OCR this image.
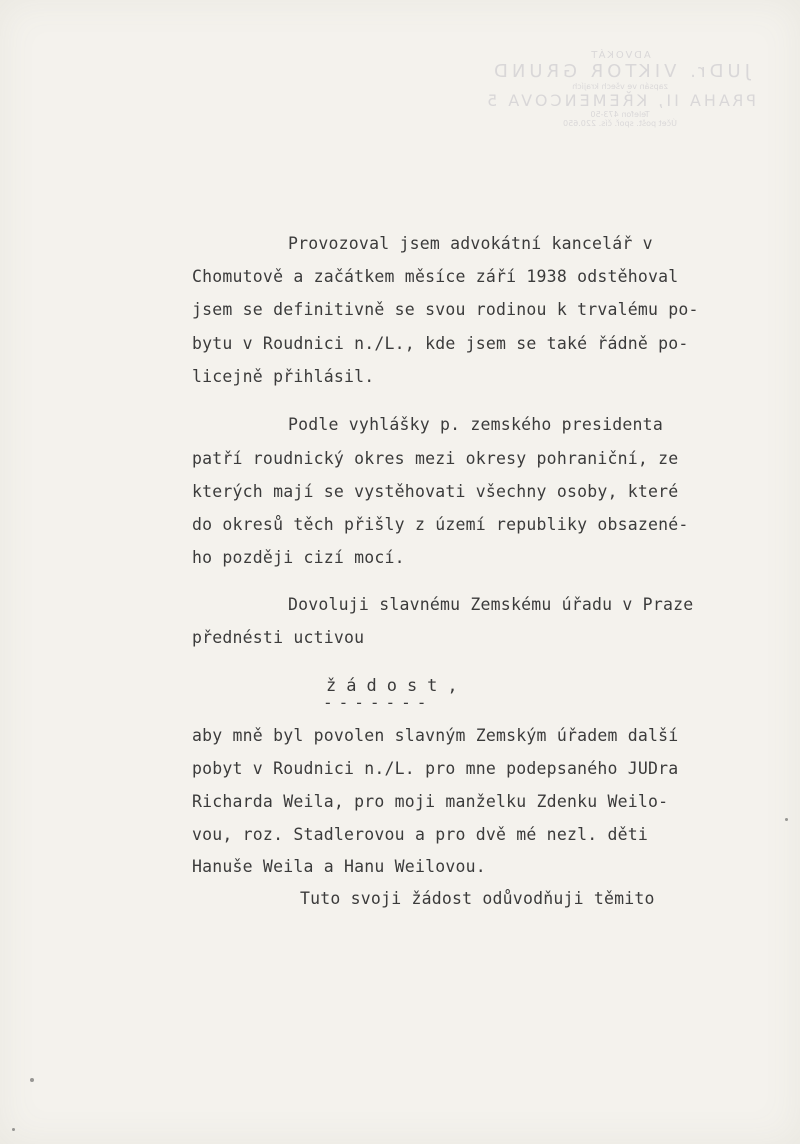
ADVOKÁT
JUDr. VIKTOR GRUND
zapsán ve všech krajích
PRAHA II, KŘEMENCOVA 5
Telefon 473-50
Účet pošt. spoř. čís. 220.650
Provozoval jsem advokátní kancelář v
Chomutově a začátkem měsíce září 1938 odstěhoval
jsem se definitivně se svou rodinou k trvalému po-
bytu v Roudnici n./L., kde jsem se také řádně po-
licejně přihlásil.
Podle vyhlášky p. zemského presidenta
patří roudnický okres mezi okresy pohraniční, ze
kterých mají se vystěhovati všechny osoby, které
do okresů těch přišly z území republiky obsazené-
ho později cizí mocí.
Dovoluji slavnému Zemskému úřadu v Praze
přednésti uctivou
žádost,
-------
aby mně byl povolen slavným Zemským úřadem další
pobyt v Roudnici n./L. pro mne podepsaného JUDra
Richarda Weila, pro moji manželku Zdenku Weilo-
vou, roz. Stadlerovou a pro dvě mé nezl. děti
Hanuše Weila a Hanu Weilovou.
Tuto svoji žádost odůvodňuji těmito
